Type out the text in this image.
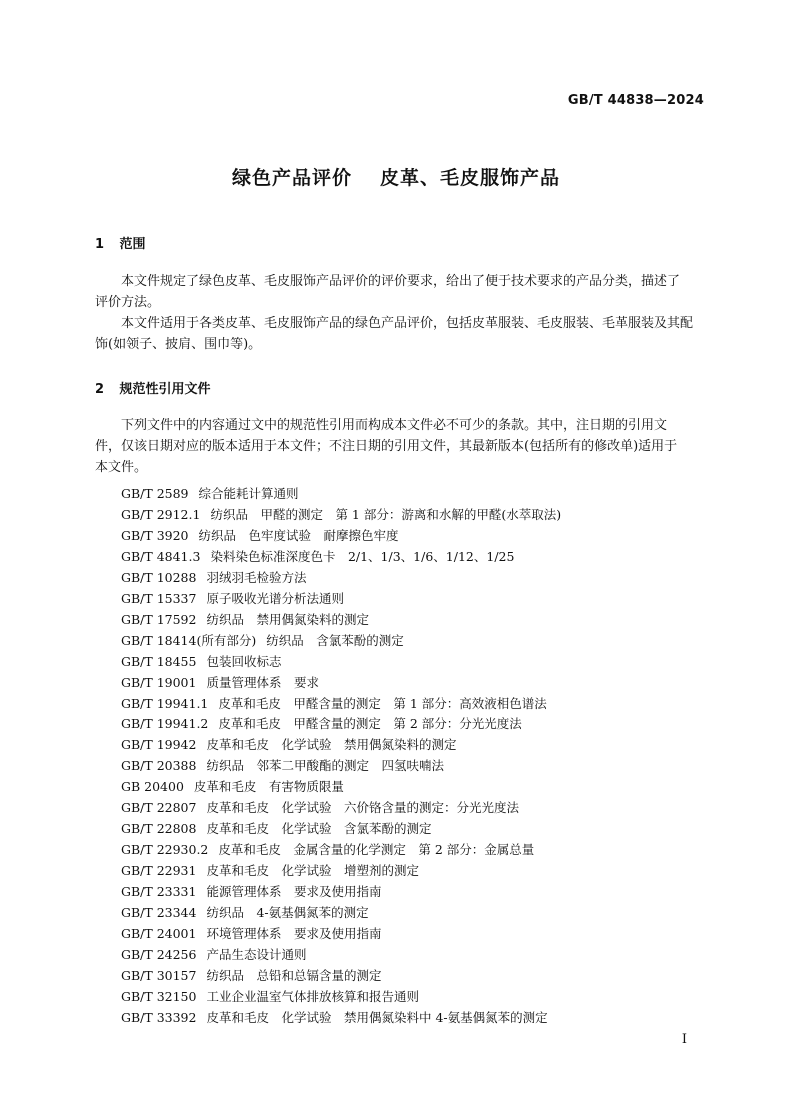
GB/T 44838—2024
绿色产品评价 皮革、毛皮服饰产品
1 范围
本文件规定了绿色皮革、毛皮服饰产品评价的评价要求，给出了便于技术要求的产品分类，描述了
评价方法。
本文件适用于各类皮革、毛皮服饰产品的绿色产品评价，包括皮革服装、毛皮服装、毛革服装及其配
饰(如领子、披肩、围巾等)。
2 规范性引用文件
下列文件中的内容通过文中的规范性引用而构成本文件必不可少的条款。其中，注日期的引用文
件，仅该日期对应的版本适用于本文件；不注日期的引用文件，其最新版本(包括所有的修改单)适用于
本文件。
GB/T 2589 综合能耗计算通则
GB/T 2912.1 纺织品　甲醛的测定　第 1 部分：游离和水解的甲醛(水萃取法)
GB/T 3920 纺织品　色牢度试验　耐摩擦色牢度
GB/T 4841.3 染料染色标准深度色卡　2/1、1/3、1/6、1/12、1/25
GB/T 10288 羽绒羽毛检验方法
GB/T 15337 原子吸收光谱分析法通则
GB/T 17592 纺织品　禁用偶氮染料的测定
GB/T 18414(所有部分) 纺织品　含氯苯酚的测定
GB/T 18455 包装回收标志
GB/T 19001 质量管理体系　要求
GB/T 19941.1 皮革和毛皮　甲醛含量的测定　第 1 部分：高效液相色谱法
GB/T 19941.2 皮革和毛皮　甲醛含量的测定　第 2 部分：分光光度法
GB/T 19942 皮革和毛皮　化学试验　禁用偶氮染料的测定
GB/T 20388 纺织品　邻苯二甲酸酯的测定　四氢呋喃法
GB 20400 皮革和毛皮　有害物质限量
GB/T 22807 皮革和毛皮　化学试验　六价铬含量的测定：分光光度法
GB/T 22808 皮革和毛皮　化学试验　含氯苯酚的测定
GB/T 22930.2 皮革和毛皮　金属含量的化学测定　第 2 部分：金属总量
GB/T 22931 皮革和毛皮　化学试验　增塑剂的测定
GB/T 23331 能源管理体系　要求及使用指南
GB/T 23344 纺织品　4-氨基偶氮苯的测定
GB/T 24001 环境管理体系　要求及使用指南
GB/T 24256 产品生态设计通则
GB/T 30157 纺织品　总铅和总镉含量的测定
GB/T 32150 工业企业温室气体排放核算和报告通则
GB/T 33392 皮革和毛皮　化学试验　禁用偶氮染料中 4-氨基偶氮苯的测定
I
